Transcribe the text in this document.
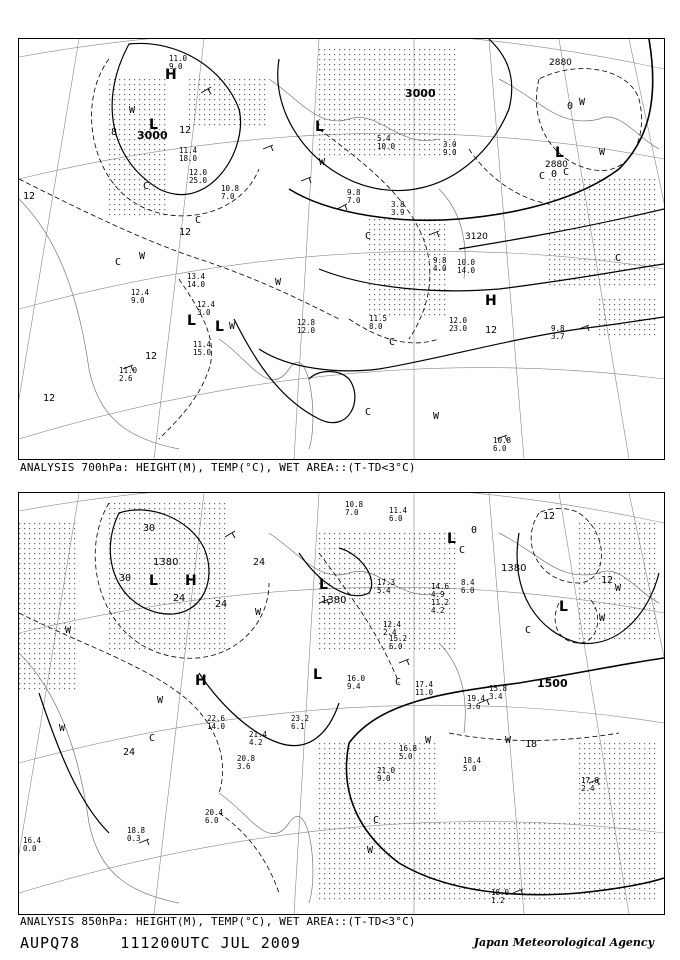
H
L
L
L
L
H
L
3000
3000
2880
2880
3120
W
C
C
W
C
C	W
C
W
W
C
W
W
W
C
C
C
12
12
12
12
12
12
0
0
8
11.0 9.0
11.4 18.0
12.0 25.0
10.8 7.0	9.8 7.0
12.4 9.0
3.8 3.9
3.0 9.0
10.0 14.0
12.0 23.0	9.8 3.7
10.8 6.0
11.0 2.6
12.4 3.0
11.4 15.0
12.8 12.0
11.5 8.0
5.4 10.0
13.4 14.0
9.8 4.0
ANALYSIS 700hPa: HEIGHT(M), TEMP(°C), WET AREA::(T-TD<3°C)
L H	L
L
H
L
L
1380
1380
1380
1500
W
C
W
W
W
C
W
W
W
C
W
C
C
W
30
30
24
24
24
24
12
12
18
0
10.8 7.0	11.4 6.0
17.3 5.4	14.6 4.9
11.2 4.2
15.2 6.0
12.4 2.4
16.0 9.4	15.8 3.4
17.4 11.0
19.4 3.6
18.4 5.0
16.8 5.0
21.0 9.0
22.6 14.0
20.4 6.0
18.8 0.3
16.4 0.0
17.8 2.4
18.0 1.2
23.2 6.1
21.4 4.2
20.8 3.6
8.4 6.0
ANALYSIS 850hPa: HEIGHT(M), TEMP(°C), WET AREA::(T-TD<3°C)
AUPQ78    111200UTC JUL 2009	Japan Meteorological Agency
